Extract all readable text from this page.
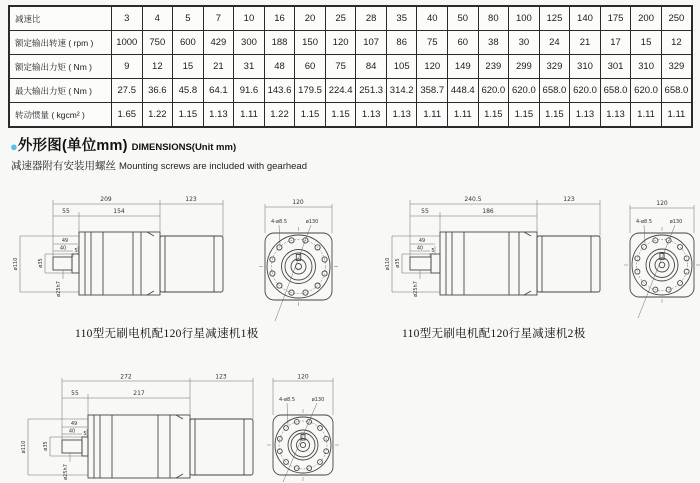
减速比	3	4	5	7	10	16	20	25	28	35	40	50	80	100	125	140	175	200	250
额定输出转速 ( rpm )	1000	750	600	429	300	188	150	120	107	86	75	60	38	30	24	21	17	15	12
额定输出力矩 ( Nm )	9	12	15	21	31	48	60	75	84	105	120	149	239	299	329	310	301	310	329
最大输出力矩 ( Nm )	27.5	36.6	45.8	64.1	91.6	143.6	179.5	224.4	251.3	314.2	358.7	448.4	620.0	620.0	658.0	620.0	658.0	620.0	658.0
转动惯量 ( kgcm² )	1.65	1.22	1.15	1.13	1.11	1.22	1.15	1.15	1.13	1.13	1.11	1.11	1.15	1.15	1.15	1.13	1.13	1.11	1.11
●外形图(单位mm) DIMENSIONS(Unit mm)
减速器附有安装用螺丝 Mounting screws are included with gearhead
209	123
55	154
49
40 5
ø110	ø35
ø25h7
120
4-ø8.5	ø130
110型无刷电机配120行星减速机1极
240.5	123
55	186
49
40 5
ø110 ø35
ø25h7
120
4-ø8.5	ø130
110型无刷电机配120行星减速机2极
272	123
55	217
49
40 5
ø110	ø35
ø25h7
120
4-ø8.5	ø130
